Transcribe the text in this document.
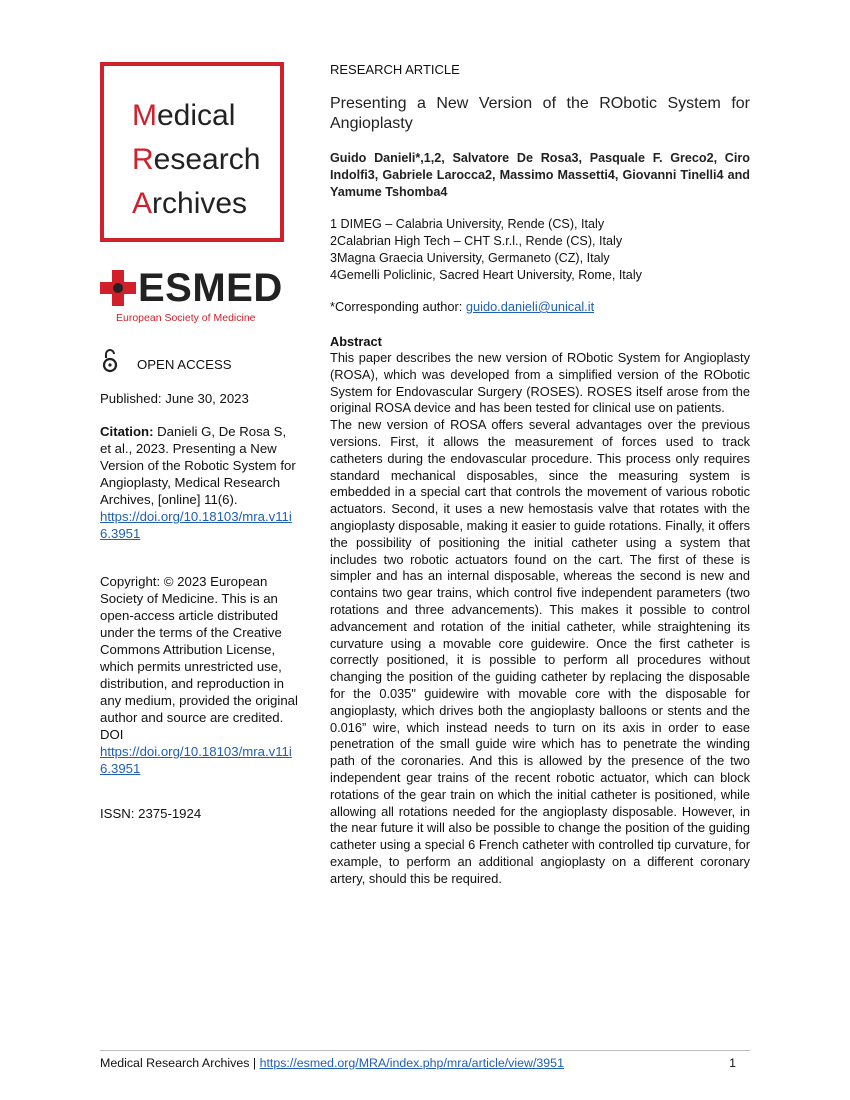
Medical
Research
Archives
ESMED
European Society of Medicine
OPEN ACCESS
Published: June 30, 2023
Citation: Danieli G, De Rosa S, et al., 2023. Presenting a New Version of the Robotic System for Angioplasty, Medical Research Archives, [online] 11(6).
https://doi.org/10.18103/mra.v11i6.3951
Copyright: © 2023 European Society of Medicine. This is an open-access article distributed under the terms of the Creative Commons Attribution License, which permits unrestricted use, distribution, and reproduction in any medium, provided the original author and source are credited.
DOI
https://doi.org/10.18103/mra.v11i6.3951
ISSN: 2375-1924
RESEARCH ARTICLE
Presenting a New Version of the RObotic System for Angioplasty
Guido Danieli*,1,2, Salvatore De Rosa3, Pasquale F. Greco2, Ciro Indolfi3, Gabriele Larocca2, Massimo Massetti4, Giovanni Tinelli4 and Yamume Tshomba4
1 DIMEG – Calabria University, Rende (CS), Italy
2Calabrian High Tech – CHT S.r.l., Rende (CS), Italy
3Magna Graecia University, Germaneto (CZ), Italy
4Gemelli Policlinic, Sacred Heart University, Rome, Italy
*Corresponding author: guido.danieli@unical.it
Abstract

This paper describes the new version of RObotic System for Angioplasty (ROSA), which was developed from a simplified version of the RObotic System for Endovascular Surgery (ROSES). ROSES itself arose from the original ROSA device and has been tested for clinical use on patients.

The new version of ROSA offers several advantages over the previous versions. First, it allows the measurement of forces used to track catheters during the endovascular procedure. This process only requires standard mechanical disposables, since the measuring system is embedded in a special cart that controls the movement of various robotic actuators. Second, it uses a new hemostasis valve that rotates with the angioplasty disposable, making it easier to guide rotations. Finally, it offers the possibility of positioning the initial catheter using a system that includes two robotic actuators found on the cart. The first of these is simpler and has an internal disposable, whereas the second is new and contains two gear trains, which control five independent parameters (two rotations and three advancements). This makes it possible to control advancement and rotation of the initial catheter, while straightening its curvature using a movable core guidewire. Once the first catheter is correctly positioned, it is possible to perform all procedures without changing the position of the guiding catheter by replacing the disposable for the 0.035" guidewire with movable core with the disposable for angioplasty, which drives both the angioplasty balloons or stents and the 0.016” wire, which instead needs to turn on its axis in order to ease penetration of the small guide wire which has to penetrate the winding path of the coronaries. And this is allowed by the presence of the two independent gear trains of the recent robotic actuator, which can block rotations of the gear train on which the initial catheter is positioned, while allowing all rotations needed for the angioplasty disposable. However, in the near future it will also be possible to change the position of the guiding catheter using a special 6 French catheter with controlled tip curvature, for example, to perform an additional angioplasty on a different coronary artery, should this be required.

Medical Research Archives | https://esmed.org/MRA/index.php/mra/article/view/3951	1
